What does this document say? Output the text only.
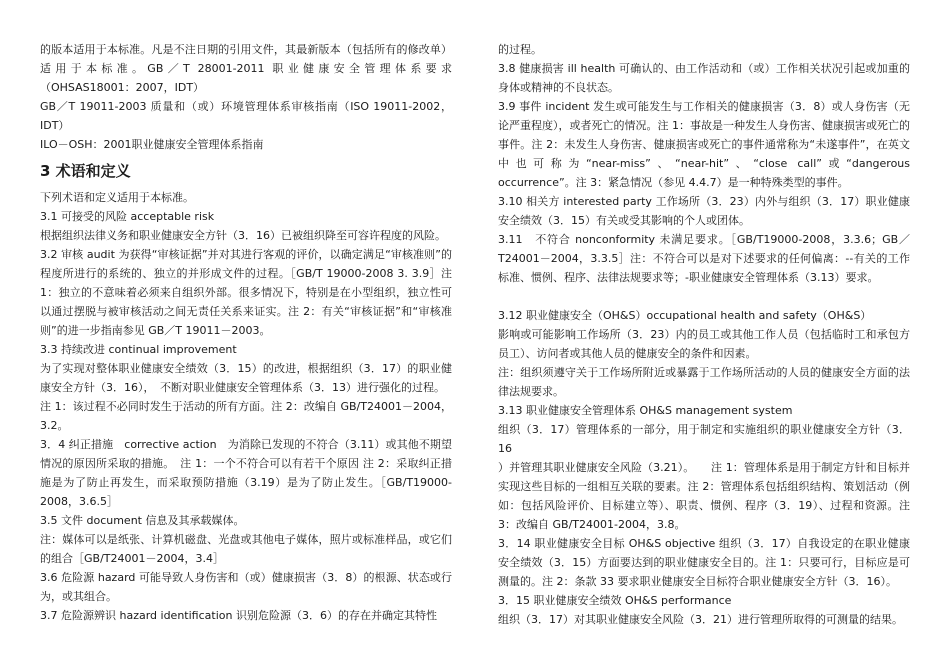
的版本适用于本标准。凡是不注日期的引用文件，其最新版本（包括所有的修改单）适用于本标准。GB／T 28001-2011 职业健康安全管理体系要求（OHSAS18001：2007，IDT）

GB／T 19011-2003 质量和（或）环境管理体系审核指南（ISO 19011-2002，IDT）

ILO－OSH：2001职业健康安全管理体系指南

3 术语和定义

下列术语和定义适用于本标准。

3.1 可接受的风险 acceptable risk

根据组织法律义务和职业健康安全方针（3．16）已被组织降至可容许程度的风险。

3.2 审核 audit 为获得“审核证据”并对其进行客观的评价，以确定满足“审核准则”的程度所进行的系统的、独立的并形成文件的过程。［GB/T 19000-2008 3. 3.9］注 1：独立的不意味着必须来自组织外部。很多情况下，特别是在小型组织，独立性可以通过摆脱与被审核活动之间无责任关系来证实。注 2：有关“审核证据”和“审核准则”的进一步指南参见 GB／T 19011－2003。

3.3 持续改进 continual improvement

为了实现对整体职业健康安全绩效（3．15）的改进，根据组织（3．17）的职业健康安全方针（3．16），　不断对职业健康安全管理体系（3．13）进行强化的过程。

注 1：该过程不必同时发生于活动的所有方面。注 2：改编自 GB/T24001－2004，3.2。

3．4 纠正措施　corrective action　为消除已发现的不符合（3.11）或其他不期望情况的原因所采取的措施。　注 1：一个不符合可以有若干个原因 注 2：采取纠正措施是为了防止再发生，而采取预防措施（3.19）是为了防止发生。［GB/T19000-2008，3.6.5］

3.5 文件 document 信息及其承载媒体。

注：媒体可以是纸张、计算机磁盘、光盘或其他电子媒体，照片或标准样品，或它们的组合［GB/T24001－2004，3.4］

3.6 危险源 hazard 可能导致人身伤害和（或）健康损害（3．8）的根源、状态或行为，或其组合。

3.7 危险源辨识 hazard identification 识别危险源（3．6）的存在并确定其特性

的过程。

3.8 健康损害 ill health 可确认的、由工作活动和（或）工作相关状况引起或加重的身体或精神的不良状态。

3.9 事件 incident 发生或可能发生与工作相关的健康损害（3．8）或人身伤害（无论严重程度），或者死亡的情况。注 1：事故是一种发生人身伤害、健康损害或死亡的事件。注 2：未发生人身伤害、健康损害或死亡的事件通常称为“未遂事件”，在英文中也可称为“near-miss”、“near-hit”、“close call”或“dangerous occurrence”。注 3：紧急情况（参见 4.4.7）是一种特殊类型的事件。

3.10 相关方 interested party 工作场所（3．23）内外与组织（3．17）职业健康安全绩效（3．15）有关或受其影响的个人或团体。

3.11　不符合 nonconformity 未满足要求。［GB/T19000-2008，3.3.6；GB／T24001－2004，3.3.5］注：不符合可以是对下述要求的任何偏离：--有关的工作标准、惯例、程序、法律法规要求等；-职业健康安全管理体系（3.13）要求。

3.12 职业健康安全（OH&S）occupational health and safety（OH&S）

影响或可能影响工作场所（3．23）内的员工或其他工作人员（包括临时工和承包方员工）、访问者或其他人员的健康安全的条件和因素。

注：组织须遵守关于工作场所附近或暴露于工作场所活动的人员的健康安全方面的法律法规要求。

3.13 职业健康安全管理体系 OH&S management system

组织（3．17）管理体系的一部分，用于制定和实施组织的职业健康安全方针（3．16

）并管理其职业健康安全风险（3.21）。　　注 1：管理体系是用于制定方针和目标并实现这些目标的一组相互关联的要素。注 2：管理体系包括组织结构、策划活动（例如：包括风险评价、目标建立等）、职责、惯例、程序（3．19）、过程和资源。注 3：改编自 GB/T24001-2004，3.8。

3．14 职业健康安全目标 OH&S objective 组织（3．17）自我设定的在职业健康安全绩效（3．15）方面要达到的职业健康安全目的。注 1：只要可行，目标应是可测量的。注 2：条款 33 要求职业健康安全目标符合职业健康安全方针（3．16）。

3．15 职业健康安全绩效 OH&S performance

组织（3．17）对其职业健康安全风险（3．21）进行管理所取得的可测量的结果。
